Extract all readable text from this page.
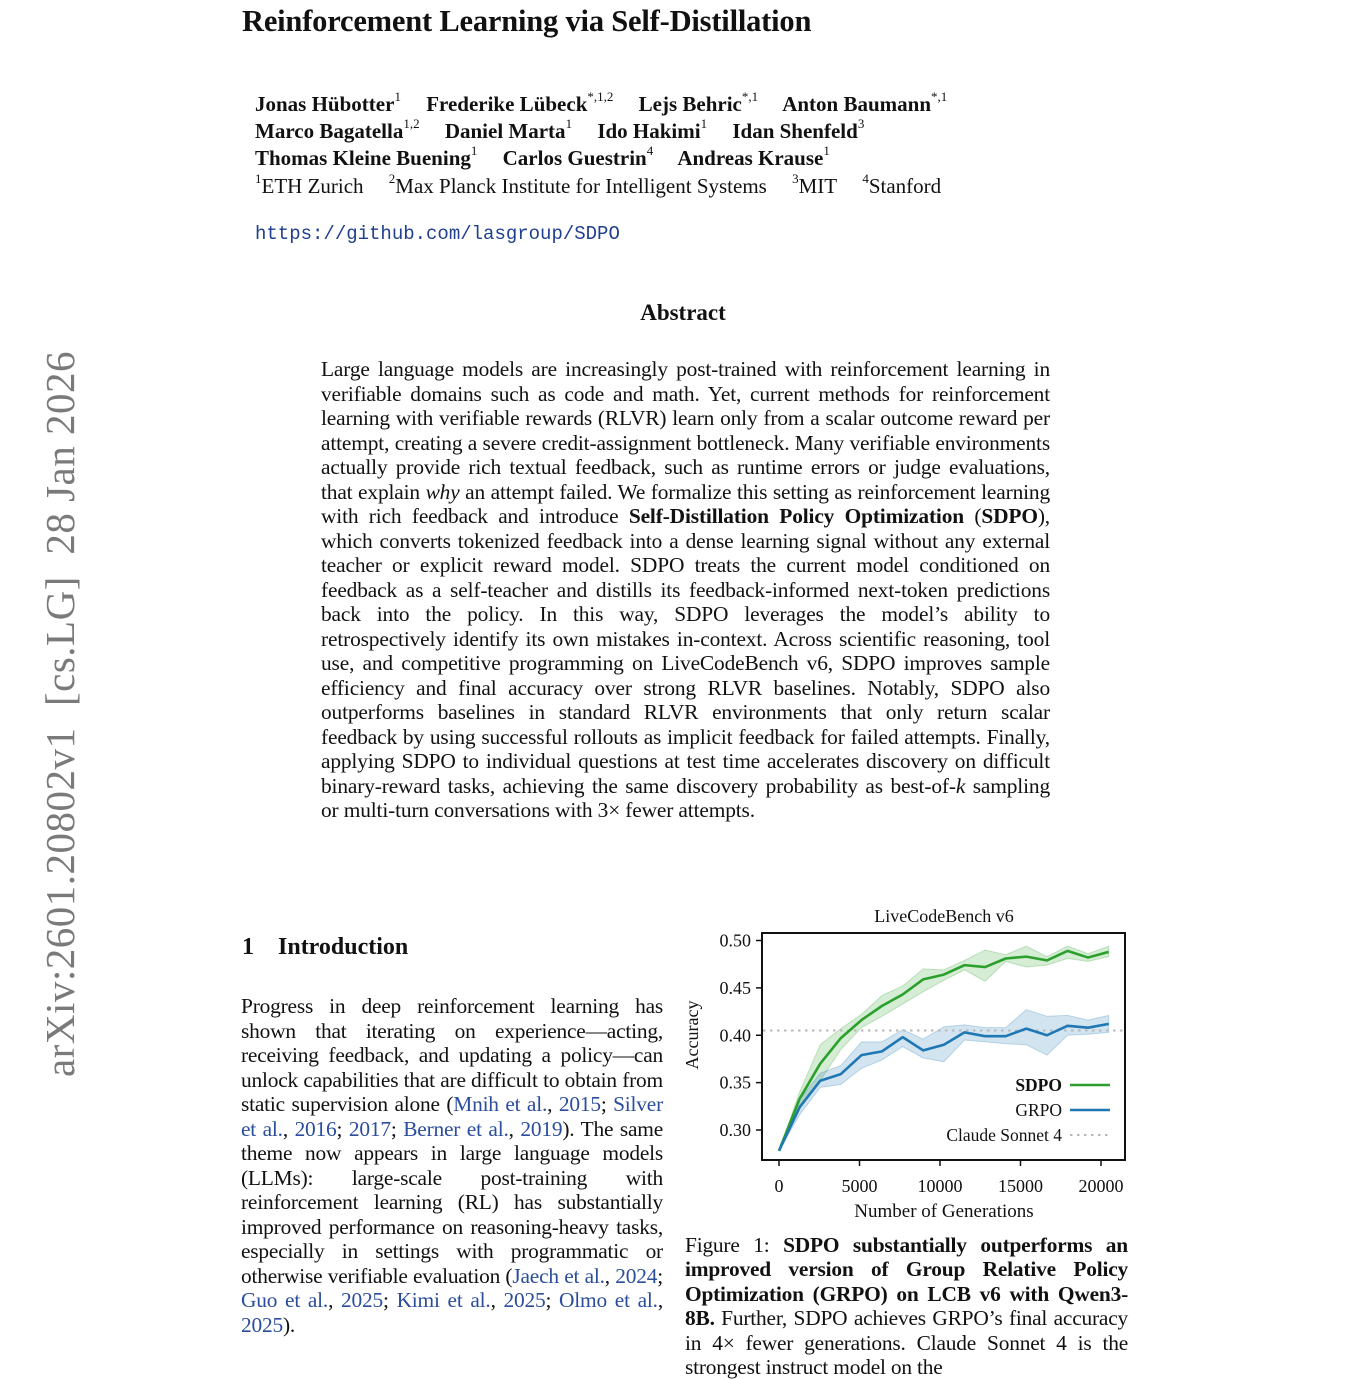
arXiv:2601.20802v1  [cs.LG]  28 Jan 2026
Reinforcement Learning via Self-Distillation
Jonas Hübotter$^1$ Frederike Lübeck$^{*,1,2}$ Lejs Behric$^{*,1}$ Anton Baumann$^{*,1}$
Marco Bagatella$^{1,2}$ Daniel Marta$^1$ Ido Hakimi$^1$ Idan Shenfeld$^3$
Thomas Kleine Buening$^1$ Carlos Guestrin$^4$ Andreas Krause$^1$
$^1$ETH Zurich $^2$Max Planck Institute for Intelligent Systems $^3$MIT $^4$Stanford
https://github.com/lasgroup/SDPO
Abstract
Large language models are increasingly post-trained with reinforcement learning in verifiable domains such as code and math. Yet, current methods for reinforcement learning with verifiable rewards (RLVR) learn only from a scalar outcome reward per attempt, creating a severe credit-assignment bottleneck. Many verifiable environments actually provide rich textual feedback, such as runtime errors or judge evaluations, that explain why an attempt failed. We formalize this setting as reinforcement learning with rich feedback and introduce Self-Distillation Policy Optimization (SDPO), which converts tokenized feedback into a dense learning signal without any external teacher or explicit reward model. SDPO treats the current model conditioned on feedback as a self-teacher and distills its feedback-informed next-token predictions back into the policy. In this way, SDPO leverages the model’s ability to retrospectively identify its own mistakes in-context. Across scientific reasoning, tool use, and competitive programming on LiveCodeBench v6, SDPO improves sample efficiency and final accuracy over strong RLVR baselines. Notably, SDPO also outperforms baselines in standard RLVR environments that only return scalar feedback by using successful rollouts as implicit feedback for failed attempts. Finally, applying SDPO to individual questions at test time accelerates discovery on difficult binary-reward tasks, achieving the same discovery probability as best-of-k sampling or multi-turn conversations with 3× fewer attempts.
1 Introduction
Progress in deep reinforcement learning has shown that iterating on experience—acting, receiving feedback, and updating a policy—can unlock capabilities that are difficult to obtain from static supervision alone (Mnih et al., 2015; Silver et al., 2016; 2017; Berner et al., 2019). The same theme now appears in large language models (LLMs): large-scale post-training with reinforcement learning (RL) has substantially improved performance on reasoning-heavy tasks, especially in settings with programmatic or otherwise verifiable evaluation (Jaech et al., 2024; Guo et al., 2025; Kimi et al., 2025; Olmo et al., 2025).
LiveCodeBench v6
Accuracy
Number of Generations
0.30
0.35
0.40
0.45
0.50
0	5000 10000 15000 20000
SDPO
GRPO
Claude Sonnet 4
Figure 1: SDPO substantially outperforms an improved version of Group Relative Policy Optimization (GRPO) on LCB v6 with Qwen3-8B. Further, SDPO achieves GRPO’s final accuracy in 4× fewer generations. Claude Sonnet 4 is the strongest instruct model on the
